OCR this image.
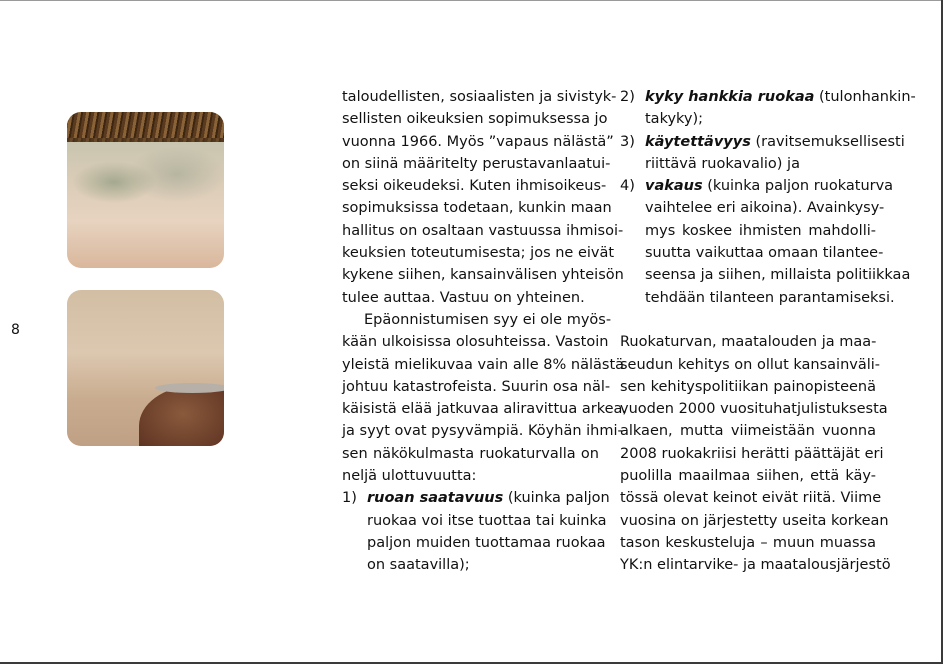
8
taloudellisten, sosiaalisten ja sivistyk-
sellisten oikeuksien sopimuksessa jo
vuonna 1966. Myös ”vapaus nälästä”
on siinä määritelty perustavanlaatui-
seksi oikeudeksi. Kuten ihmisoikeus-
sopimuksissa todetaan, kunkin maan
hallitus on osaltaan vastuussa ihmisoi-
keuksien toteutumisesta; jos ne eivät
kykene siihen, kansainvälisen yhteisön
tulee auttaa. Vastuu on yhteinen.
Epäonnistumisen syy ei ole myös-
kään ulkoisissa olosuhteissa. Vastoin
yleistä mielikuvaa vain alle 8% nälästä
johtuu katastrofeista. Suurin osa näl-
käisistä elää jatkuvaa aliravittua arkea,
ja syyt ovat pysyvämpiä. Köyhän ihmi-
sen näkökulmasta ruokaturvalla on
neljä ulottuvuutta:
1) ruoan saatavuus (kuinka paljon
ruokaa voi itse tuottaa tai kuinka
paljon muiden tuottamaa ruokaa
on saatavilla);
2) kyky hankkia ruokaa (tulonhankin-
takyky);
3) käytettävyys (ravitsemuksellisesti
riittävä ruokavalio) ja
4) vakaus (kuinka paljon ruokaturva
vaihtelee eri aikoina). Avainkysy-
mys koskee ihmisten mahdolli-
suutta vaikuttaa omaan tilantee-
seensa ja siihen, millaista politiikkaa
tehdään tilanteen parantamiseksi.
Ruokaturvan, maatalouden ja maa-
seudun kehitys on ollut kansainväli-
sen kehityspolitiikan painopisteenä
vuoden 2000 vuosituhatjulistuksesta
alkaen, mutta viimeistään vuonna
2008 ruokakriisi herätti päättäjät eri
puolilla maailmaa siihen, että käy-
tössä olevat keinot eivät riitä. Viime
vuosina on järjestetty useita korkean
tason keskusteluja – muun muassa
YK:n elintarvike- ja maatalousjärjestö
